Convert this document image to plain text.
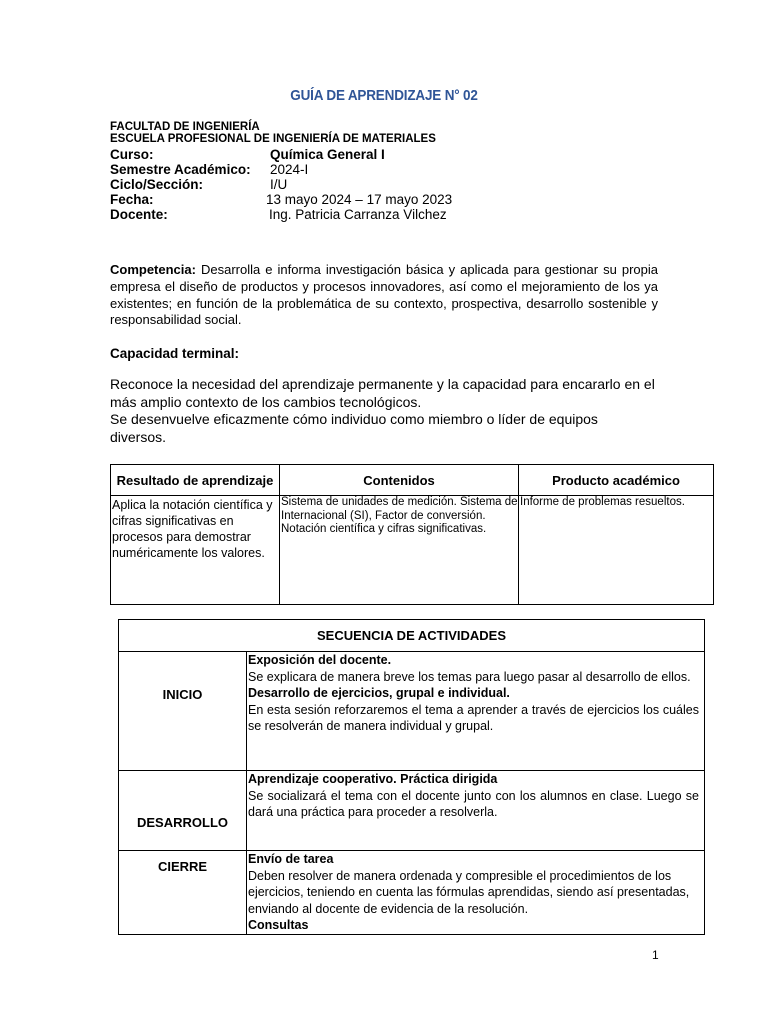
GUÍA DE APRENDIZAJE N° 02
FACULTAD DE INGENIERÍA
ESCUELA PROFESIONAL DE INGENIERÍA DE MATERIALES
Curso:	Química General I
Semestre Académico: 2024-I
Ciclo/Sección:	I/U
Fecha:	13 mayo 2024 – 17 mayo 2023
Docente:	Ing. Patricia Carranza Vilchez
Competencia: Desarrolla e informa investigación básica y aplicada para gestionar su propia empresa el diseño de productos y procesos innovadores, así como el mejoramiento de los ya existentes; en función de la problemática de su contexto, prospectiva, desarrollo sostenible y responsabilidad social.
Capacidad terminal:
Reconoce la necesidad del aprendizaje permanente y la capacidad para encararlo en el más amplio contexto de los cambios tecnológicos.
Se desenvuelve eficazmente cómo individuo como miembro o líder de equipos diversos.
Resultado de aprendizaje	Contenidos	Producto académico
Aplica la notación científica y cifras significativas en procesos para demostrar numéricamente los valores.	Sistema de unidades de medición. Sistema de Internacional (SI), Factor de conversión. Notación científica y cifras significativas.	Informe de problemas resueltos.
SECUENCIA DE ACTIVIDADES	
INICIO	Exposición del docente.
Se explicara de manera breve los temas para luego pasar al desarrollo de ellos.
Desarrollo de ejercicios, grupal e individual.
En esta sesión reforzaremos el tema a aprender a través de ejercicios los cuáles se resolverán de manera individual y grupal.

DESARROLLO	Aprendizaje cooperativo. Práctica dirigida
Se socializará el tema con el docente junto con los alumnos en clase. Luego se dará una práctica para proceder a resolverla.

CIERRE	Envío de tarea
Deben resolver de manera ordenada y compresible el procedimientos de los ejercicios, teniendo en cuenta las fórmulas aprendidas, siendo así presentadas, enviando al docente de evidencia de la resolución.
Consultas
1
